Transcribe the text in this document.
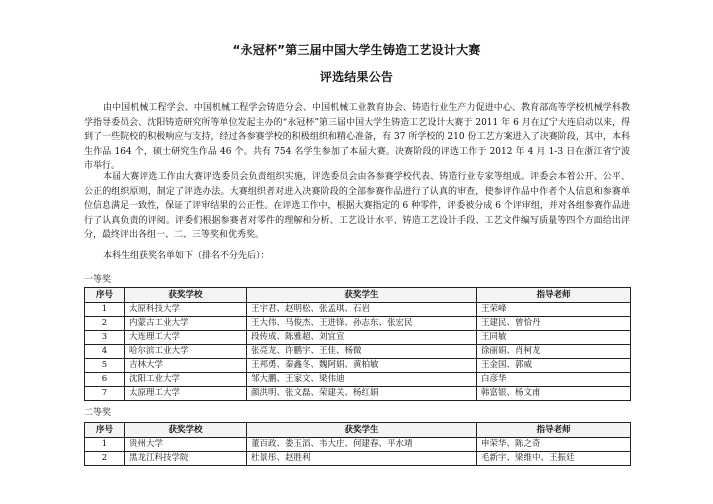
“永冠杯”第三届中国大学生铸造工艺设计大赛
评选结果公告
由中国机械工程学会、中国机械工程学会铸造分会、中国机械工业教育协会、铸造行业生产力促进中心、教育部高等学校机械学科教学指导委员会、沈阳铸造研究所等单位发起主办的“永冠杯”第三届中国大学生铸造工艺设计大赛于 2011 年 6 月在辽宁大连启动以来，得到了一些院校的积极响应与支持，经过各参赛学校的积极组织和精心准备，有 37 所学校的 210 份工艺方案进入了决赛阶段，其中，本科生作品 164 个，硕士研究生作品 46 个。共有 754 名学生参加了本届大赛。决赛阶段的评选工作于 2012 年 4 月 1-3 日在浙江省宁波市举行。
本届大赛评选工作由大赛评选委员会负责组织实施，评选委员会由各参赛学校代表、铸造行业专家等组成。评委会本着公开、公平、公正的组织原则，制定了评选办法。大赛组织者对进入决赛阶段的全部参赛作品进行了认真的审查，使参评作品中作者个人信息和参赛单位信息满足一致性，保证了评审结果的公正性。在评选工作中，根据大赛指定的 6 种零件，评委被分成 6 个评审组，并对各组参赛作品进行了认真负责的评阅。评委们根据参赛者对零件的理解和分析、工艺设计水平、铸造工艺设计手段、工艺文件编写质量等四个方面给出评分，最终评出各组一、二、三等奖和优秀奖。
本科生组获奖名单如下（排名不分先后）：
一等奖
序号	获奖学校	获奖学生	指导老师
1	太原科技大学	王宇君、赵明松、张孟琪、石岩	王荣峰
2	内蒙古工业大学	王大伟、马俊杰、王进锋、孙志东、张宏民	王建民、曾恰丹
3	大连理工大学	段传成、陈雅超、刘宜宣	王同敏
4	哈尔滨工业大学	张亮龙、许鹏宇、王佳、杨微	徐丽娟、肖柯龙
5	吉林大学	王邦勇、秦鑫冬、魏阿娟、黄柏敏	王金国、郭威
6	沈阳工业大学	邹大鹏、王家文、梁伟迪	白彦华
7	太原理工大学	颜洪明、张文磊、荣建关、杨红娟	韩富银、杨文甫
二等奖
序号	获奖学校	获奖学生	指导老师
1	贵州大学	董百政、娄玉滔、韦大庄、何建春、平水靖	申荣华、陈之奇
2	黑龙江科技学院	杜景彤、赵胜利	毛新宇、梁维中、王振廷
